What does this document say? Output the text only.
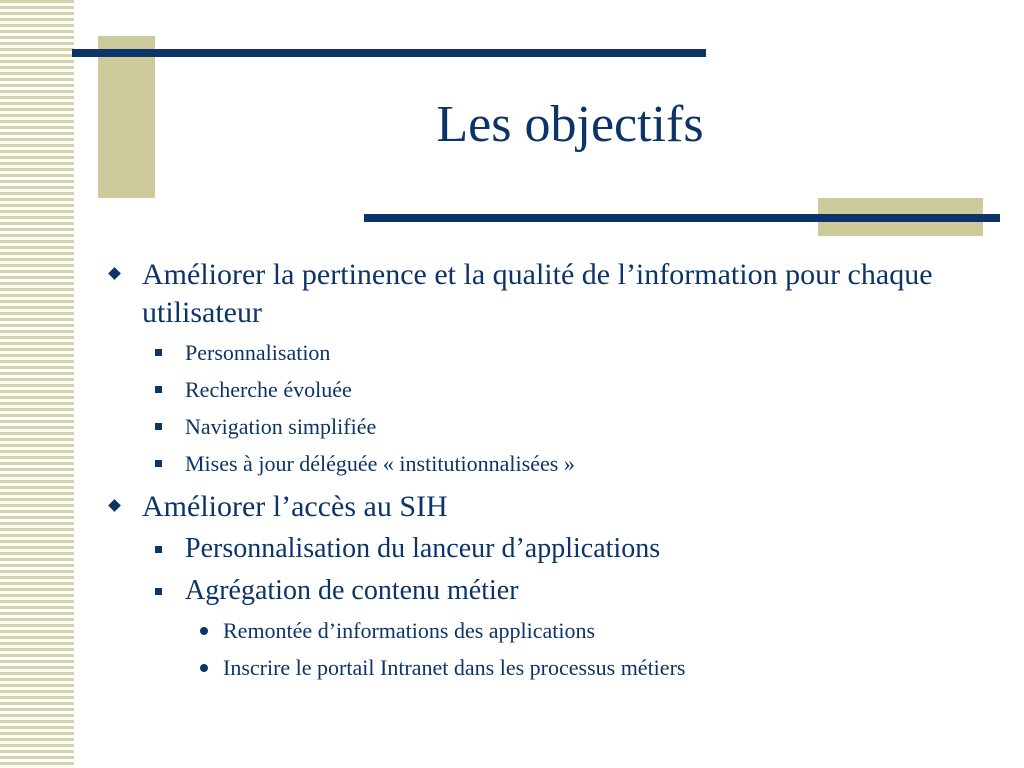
Les objectifs
Améliorer la pertinence et la qualité de l’information pour chaque utilisateur
Personnalisation
Recherche évoluée
Navigation simplifiée
Mises à jour déléguée « institutionnalisées »
Améliorer l’accès au SIH
Personnalisation du lanceur d’applications
Agrégation de contenu métier
Remontée d’informations des applications
Inscrire le portail Intranet dans les processus métiers
